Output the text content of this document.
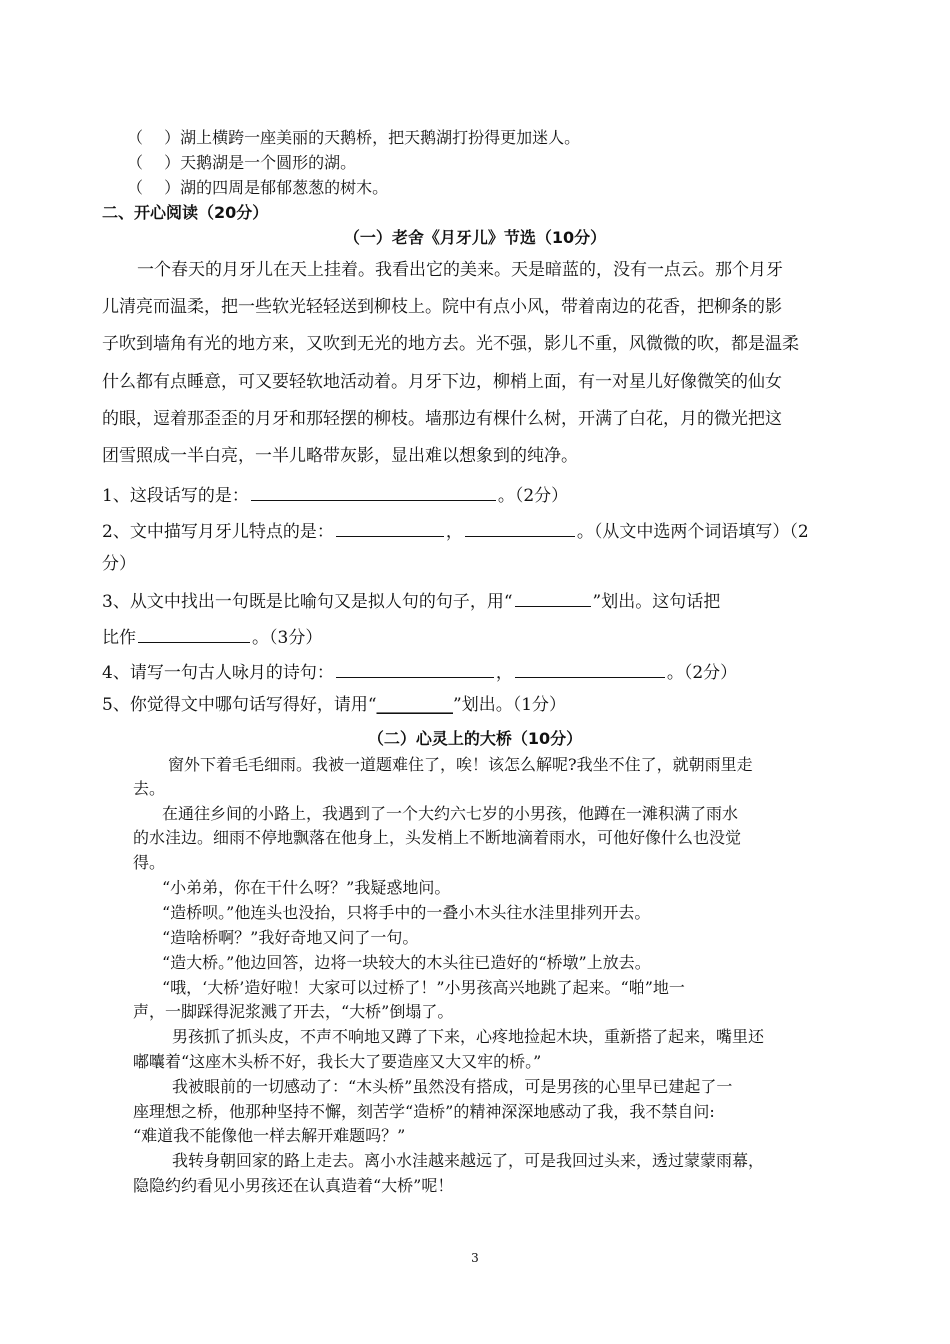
（　 ）湖上横跨一座美丽的天鹅桥，把天鹅湖打扮得更加迷人。
（　 ）天鹅湖是一个圆形的湖。
（　 ）湖的四周是郁郁葱葱的树木。
二、开心阅读（20分）
（一）老舍《月牙儿》节选（10分）
一个春天的月牙儿在天上挂着。我看出它的美来。天是暗蓝的，没有一点云。那个月牙
儿清亮而温柔，把一些软光轻轻送到柳枝上。院中有点小风，带着南边的花香，把柳条的影
子吹到墙角有光的地方来，又吹到无光的地方去。光不强，影儿不重，风微微的吹，都是温柔
什么都有点睡意，可又要轻软地活动着。月牙下边，柳梢上面，有一对星儿好像微笑的仙女
的眼，逗着那歪歪的月牙和那轻摆的柳枝。墙那边有棵什么树，开满了白花，月的微光把这
团雪照成一半白亮，一半儿略带灰影，显出难以想象到的纯净。
1、这段话写的是：	。（2分）
2、文中描写月牙儿特点的是：	，	。（从文中选两个词语填写）（2
分）
3、从文中找出一句既是比喻句又是拟人句的句子，用“	”划出。这句话把
比作	。（3分）
4、请写一句古人咏月的诗句：	，	。（2分）
5、你觉得文中哪句话写得好，请用“_________”划出。（1分）
（二）心灵上的大桥（10分）
窗外下着毛毛细雨。我被一道题难住了，唉！该怎么解呢?我坐不住了，就朝雨里走
去。
在通往乡间的小路上，我遇到了一个大约六七岁的小男孩，他蹲在一滩积满了雨水
的水洼边。细雨不停地飘落在他身上，头发梢上不断地滴着雨水，可他好像什么也没觉
得。
“小弟弟，你在干什么呀？”我疑惑地问。
“造桥呗。”他连头也没抬，只将手中的一叠小木头往水洼里排列开去。
“造啥桥啊？”我好奇地又问了一句。
“造大桥。”他边回答，边将一块较大的木头往已造好的“桥墩”上放去。
“哦，‘大桥’造好啦！大家可以过桥了！”小男孩高兴地跳了起来。“啪”地一
声，一脚踩得泥浆溅了开去，“大桥”倒塌了。
男孩抓了抓头皮，不声不响地又蹲了下来，心疼地捡起木块，重新搭了起来，嘴里还
嘟囔着“这座木头桥不好，我长大了要造座又大又牢的桥。”
我被眼前的一切感动了：“木头桥”虽然没有搭成，可是男孩的心里早已建起了一
座理想之桥，他那种坚持不懈，刻苦学“造桥”的精神深深地感动了我，我不禁自问:
“难道我不能像他一样去解开难题吗？”
我转身朝回家的路上走去。离小水洼越来越远了，可是我回过头来，透过蒙蒙雨幕，
隐隐约约看见小男孩还在认真造着“大桥”呢！
3
